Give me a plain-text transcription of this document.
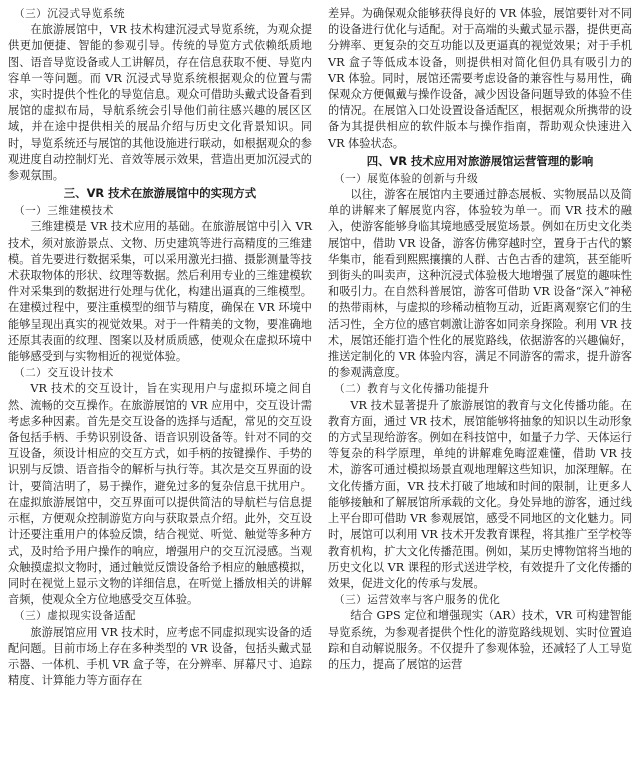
（三）沉浸式导览系统

在旅游展馆中，VR 技术构建沉浸式导览系统，为观众提供更加便捷、智能的参观引导。传统的导览方式依赖纸质地图、语音导览设备或人工讲解员，存在信息获取不便、导览内容单一等问题。而 VR 沉浸式导览系统根据观众的位置与需求，实时提供个性化的导览信息。观众可借助头戴式设备看到展馆的虚拟布局，导航系统会引导他们前往感兴趣的展区区域，并在途中提供相关的展品介绍与历史文化背景知识。同时，导览系统还与展馆的其他设施进行联动，如根据观众的参观进度自动控制灯光、音效等展示效果，营造出更加沉浸式的参观氛围。

三、VR 技术在旅游展馆中的实现方式
（一）三维建模技术

三维建模是 VR 技术应用的基础。在旅游展馆中引入 VR 技术，须对旅游景点、文物、历史建筑等进行高精度的三维建模。首先要进行数据采集，可以采用激光扫描、摄影测量等技术获取物体的形状、纹理等数据。然后利用专业的三维建模软件对采集到的数据进行处理与优化，构建出逼真的三维模型。在建模过程中，要注重模型的细节与精度，确保在 VR 环境中能够呈现出真实的视觉效果。对于一件精美的文物，要准确地还原其表面的纹理、图案以及材质质感，使观众在虚拟环境中能够感受到与实物相近的视觉体验。

（二）交互设计技术

VR 技术的交互设计，旨在实现用户与虚拟环境之间自然、流畅的交互操作。在旅游展馆的 VR 应用中，交互设计需考虑多种因素。首先是交互设备的选择与适配，常见的交互设备包括手柄、手势识别设备、语音识别设备等。针对不同的交互设备，须设计相应的交互方式，如手柄的按键操作、手势的识别与反馈、语音指令的解析与执行等。其次是交互界面的设计，要简洁明了，易于操作，避免过多的复杂信息干扰用户。在虚拟旅游展馆中，交互界面可以提供简洁的导航栏与信息提示框，方便观众控制游览方向与获取景点介绍。此外，交互设计还要注重用户的体验反馈，结合视觉、听觉、触觉等多种方式，及时给予用户操作的响应，增强用户的交互沉浸感。当观众触摸虚拟文物时，通过触觉反馈设备给予相应的触感模拟，同时在视觉上显示文物的详细信息，在听觉上播放相关的讲解音频，使观众全方位地感受交互体验。

（三）虚拟现实设备适配

旅游展馆应用 VR 技术时，应考虑不同虚拟现实设备的适配问题。目前市场上存在多种类型的 VR 设备，包括头戴式显示器、一体机、手机 VR 盒子等，在分辨率、屏幕尺寸、追踪精度、计算能力等方面存在

差异。为确保观众能够获得良好的 VR 体验，展馆要针对不同的设备进行优化与适配。对于高端的头戴式显示器，提供更高分辨率、更复杂的交互功能以及更逼真的视觉效果；对于手机 VR 盒子等低成本设备，则提供相对简化但仍具有吸引力的 VR 体验。同时，展馆还需要考虑设备的兼容性与易用性，确保观众方便佩戴与操作设备，减少因设备问题导致的体验不佳的情况。在展馆入口处设置设备适配区，根据观众所携带的设备为其提供相应的软件版本与操作指南，帮助观众快速进入 VR 体验状态。

四、VR 技术应用对旅游展馆运营管理的影响
（一）展览体验的创新与升级

以往，游客在展馆内主要通过静态展板、实物展品以及简单的讲解来了解展览内容，体验较为单一。而 VR 技术的融入，使游客能够身临其境地感受展览场景。例如在历史文化类展馆中，借助 VR 设备，游客仿佛穿越时空，置身于古代的繁华集市，能看到熙熙攘攘的人群、古色古香的建筑，甚至能听到街头的叫卖声，这种沉浸式体验极大地增强了展览的趣味性和吸引力。在自然科普展馆，游客可借助 VR 设备“深入”神秘的热带雨林，与虚拟的珍稀动植物互动，近距离观察它们的生活习性，全方位的感官刺激让游客如同亲身探险。利用 VR 技术，展馆还能打造个性化的展览路线，依据游客的兴趣偏好，推送定制化的 VR 体验内容，满足不同游客的需求，提升游客的参观满意度。

（二）教育与文化传播功能提升

VR 技术显著提升了旅游展馆的教育与文化传播功能。在教育方面，通过 VR 技术，展馆能够将抽象的知识以生动形象的方式呈现给游客。例如在科技馆中，如量子力学、天体运行等复杂的科学原理，单纯的讲解难免晦涩难懂，借助 VR 技术，游客可通过模拟场景直观地理解这些知识，加深理解。在文化传播方面，VR 技术打破了地域和时间的限制，让更多人能够接触和了解展馆所承载的文化。身处异地的游客，通过线上平台即可借助 VR 参观展馆，感受不同地区的文化魅力。同时，展馆可以利用 VR 技术开发教育课程，将其推广至学校等教育机构，扩大文化传播范围。例如，某历史博物馆将当地的历史文化以 VR 课程的形式送进学校，有效提升了文化传播的效果，促进文化的传承与发展。

（三）运营效率与客户服务的优化

结合 GPS 定位和增强现实（AR）技术，VR 可构建智能导览系统，为参观者提供个性化的游览路线规划、实时位置追踪和自动解说服务。不仅提升了参观体验，还减轻了人工导览的压力，提高了展馆的运营
